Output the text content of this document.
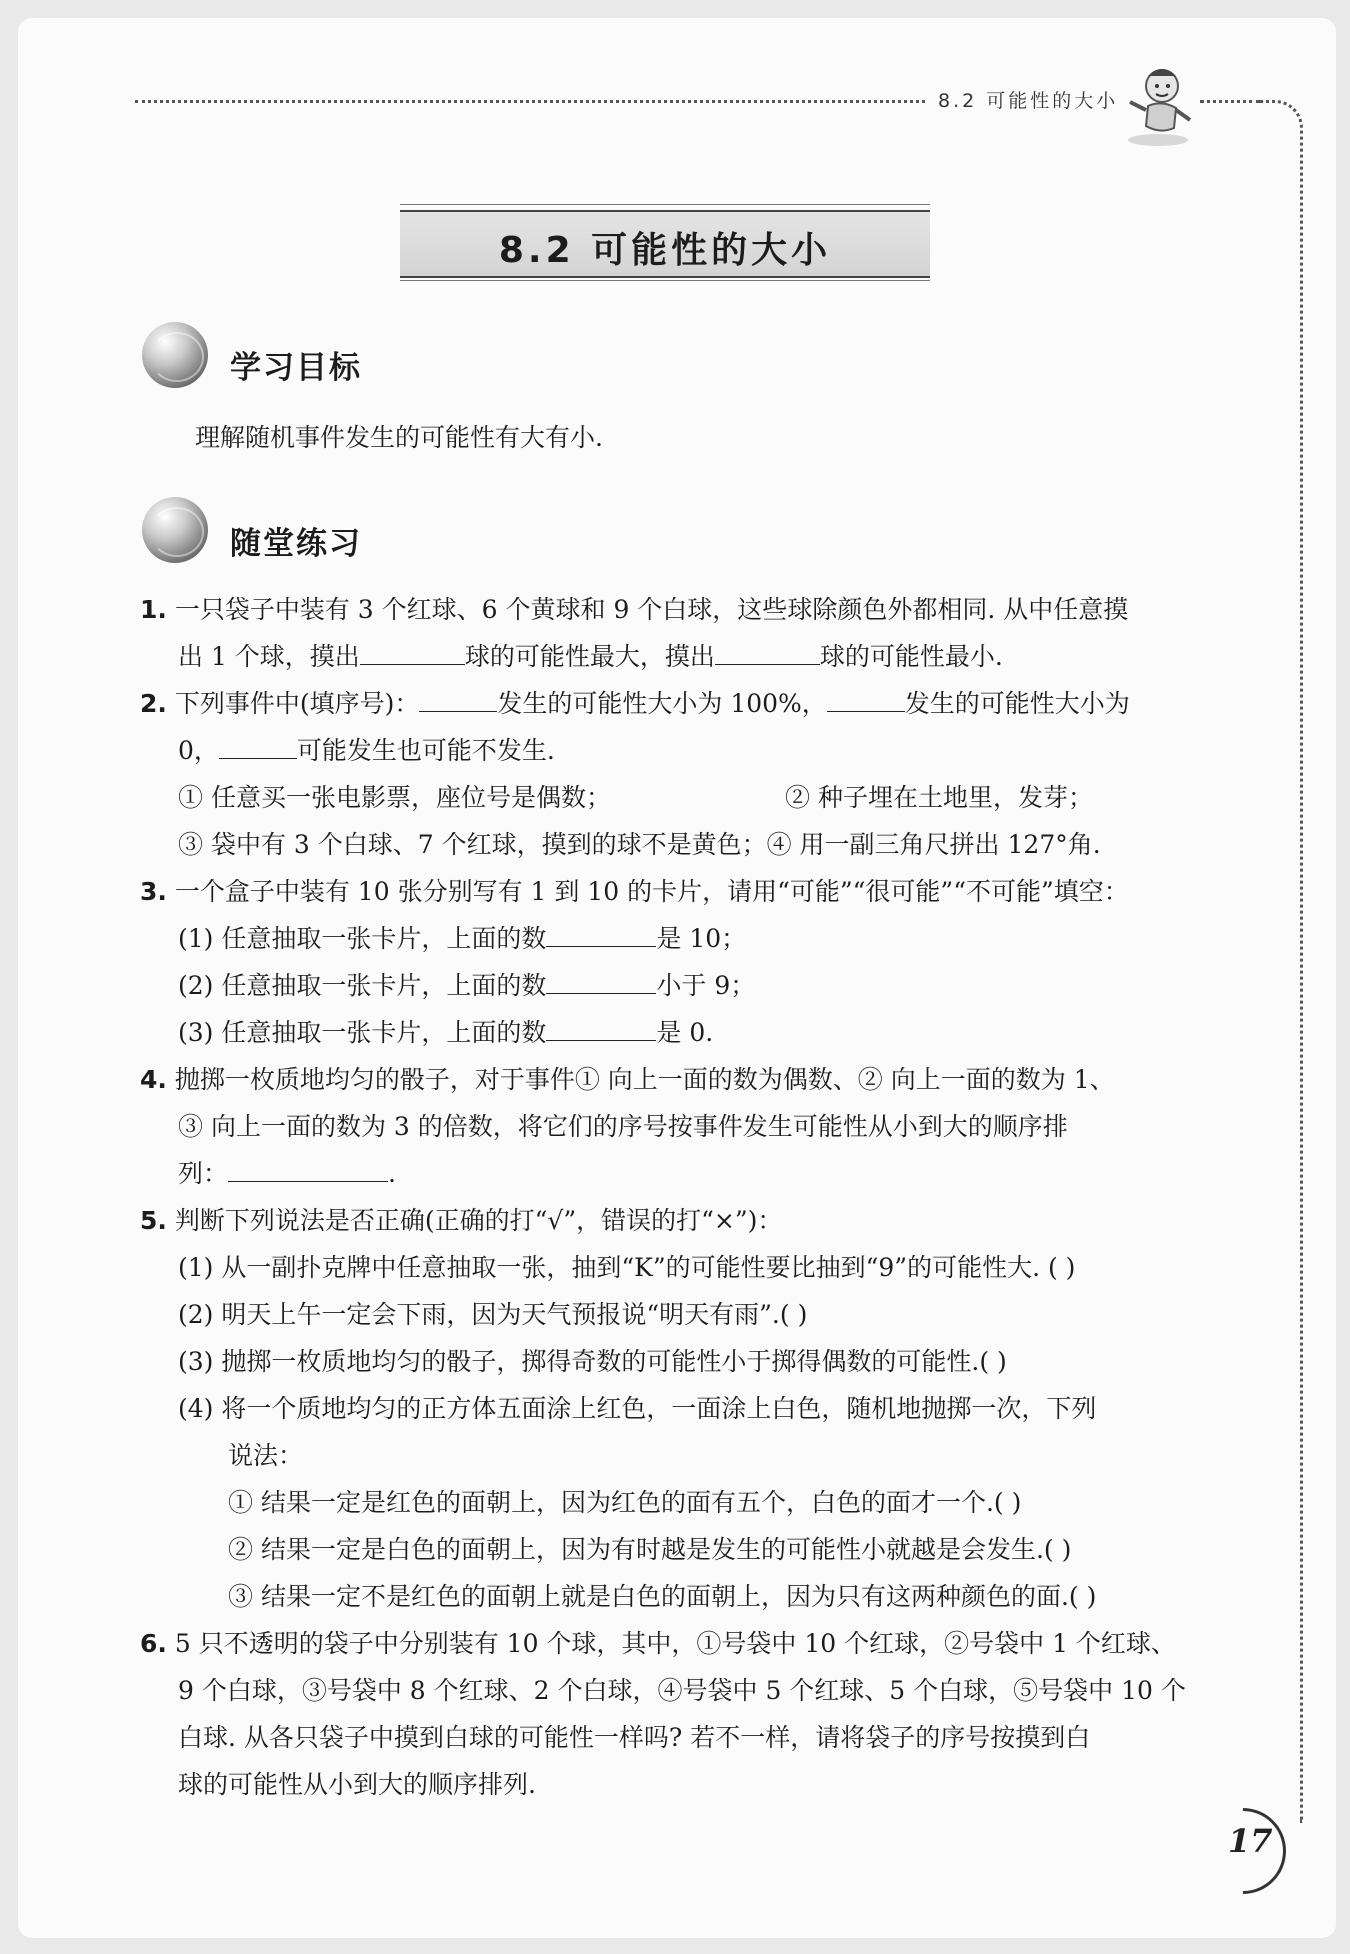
8.2 可能性的大小
8.2 可能性的大小
学习目标
理解随机事件发生的可能性有大有小.
随堂练习
1. 一只袋子中装有 3 个红球、6 个黄球和 9 个白球，这些球除颜色外都相同. 从中任意摸
出 1 个球，摸出	球的可能性最大，摸出	球的可能性最小.
2. 下列事件中(填序号)：	发生的可能性大小为 100%，	发生的可能性大小为
0，	可能发生也可能不发生.
① 任意买一张电影票，座位号是偶数；	② 种子埋在土地里，发芽；
③ 袋中有 3 个白球、7 个红球，摸到的球不是黄色；④ 用一副三角尺拼出 127°角.
3. 一个盒子中装有 10 张分别写有 1 到 10 的卡片，请用“可能”“很可能”“不可能”填空：
(1) 任意抽取一张卡片，上面的数	是 10；
(2) 任意抽取一张卡片，上面的数	小于 9；
(3) 任意抽取一张卡片，上面的数	是 0.
4. 抛掷一枚质地均匀的骰子，对于事件① 向上一面的数为偶数、② 向上一面的数为 1、
③ 向上一面的数为 3 的倍数，将它们的序号按事件发生可能性从小到大的顺序排
列：	.
5. 判断下列说法是否正确(正确的打“√”，错误的打“×”)：
(1) 从一副扑克牌中任意抽取一张，抽到“K”的可能性要比抽到“9”的可能性大. ( )
(2) 明天上午一定会下雨，因为天气预报说“明天有雨”.( )
(3) 抛掷一枚质地均匀的骰子，掷得奇数的可能性小于掷得偶数的可能性.( )
(4) 将一个质地均匀的正方体五面涂上红色，一面涂上白色，随机地抛掷一次，下列
说法：
① 结果一定是红色的面朝上，因为红色的面有五个，白色的面才一个.( )
② 结果一定是白色的面朝上，因为有时越是发生的可能性小就越是会发生.( )
③ 结果一定不是红色的面朝上就是白色的面朝上，因为只有这两种颜色的面.( )
6. 5 只不透明的袋子中分别装有 10 个球，其中，①号袋中 10 个红球，②号袋中 1 个红球、
9 个白球，③号袋中 8 个红球、2 个白球，④号袋中 5 个红球、5 个白球，⑤号袋中 10 个
白球. 从各只袋子中摸到白球的可能性一样吗? 若不一样，请将袋子的序号按摸到白
球的可能性从小到大的顺序排列.
17
